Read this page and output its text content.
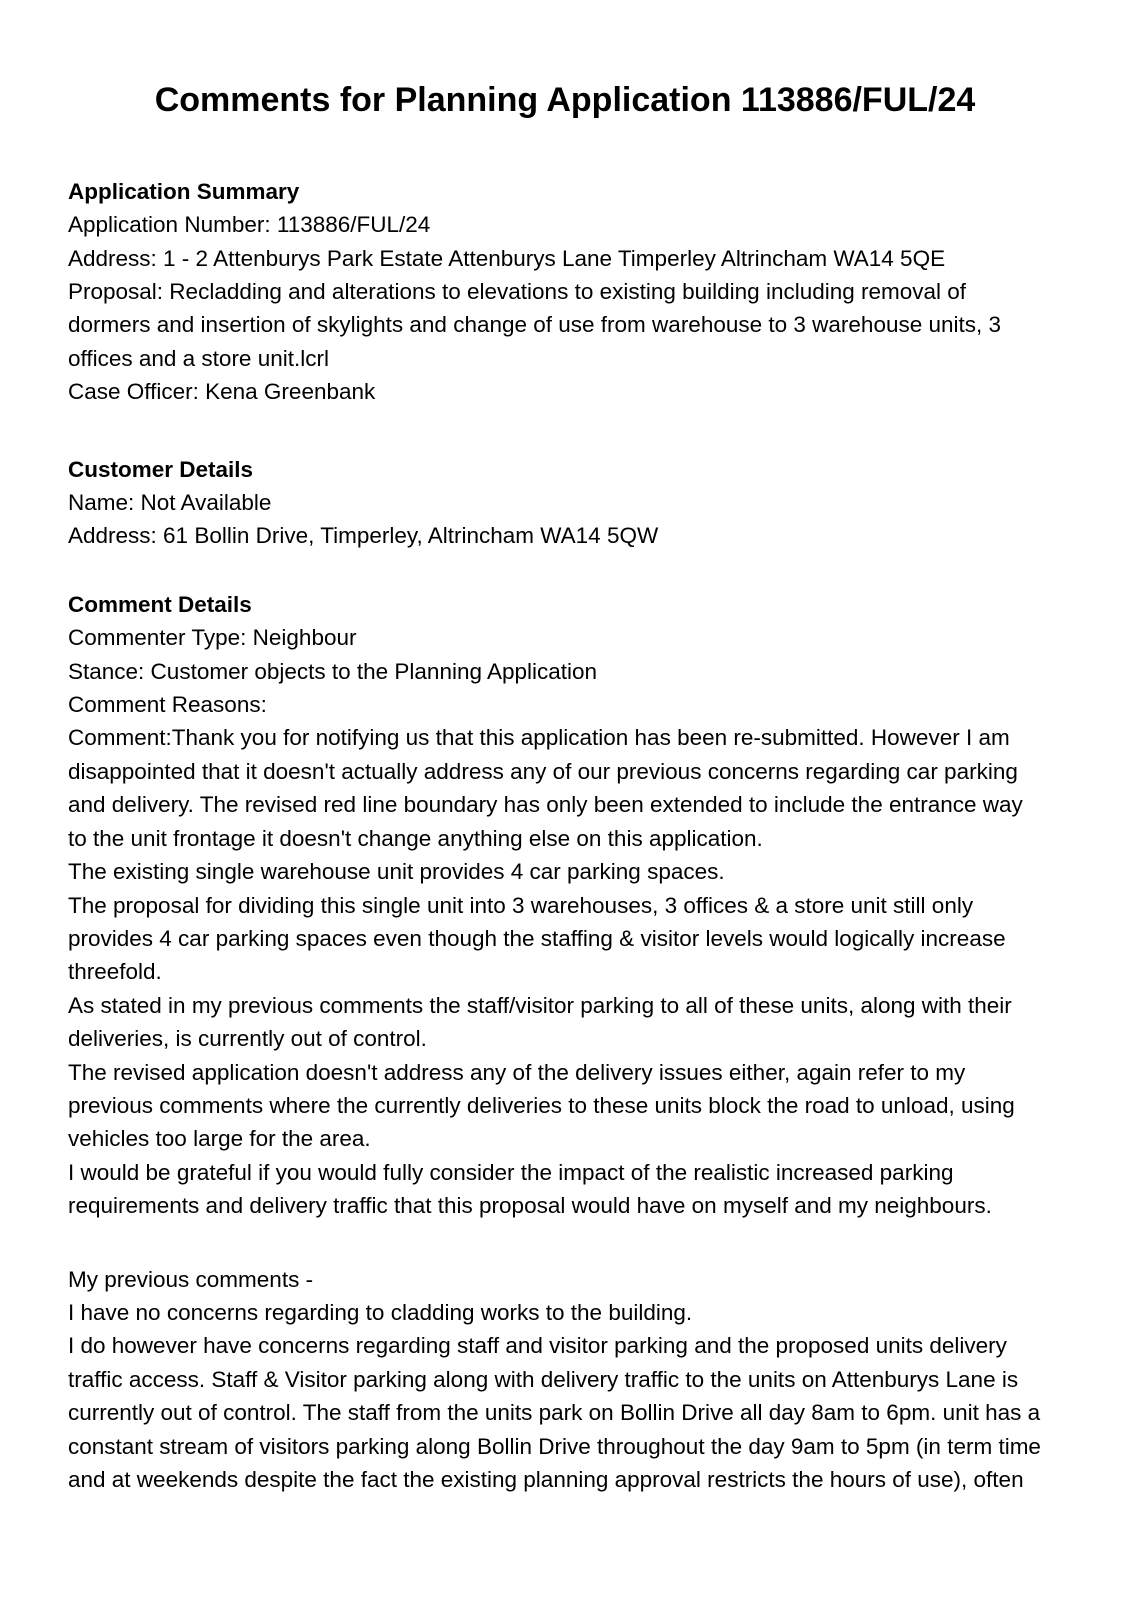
Comments for Planning Application 113886/FUL/24
Application Summary
Application Number: 113886/FUL/24
Address: 1 - 2 Attenburys Park Estate Attenburys Lane Timperley Altrincham WA14 5QE
Proposal: Recladding and alterations to elevations to existing building including removal of
dormers and insertion of skylights and change of use from warehouse to 3 warehouse units, 3
offices and a store unit.lcrl
Case Officer: Kena Greenbank
Customer Details
Name: Not Available
Address: 61 Bollin Drive, Timperley, Altrincham WA14 5QW
Comment Details
Commenter Type: Neighbour
Stance: Customer objects to the Planning Application
Comment Reasons:
Comment:Thank you for notifying us that this application has been re-submitted. However I am
disappointed that it doesn't actually address any of our previous concerns regarding car parking
and delivery. The revised red line boundary has only been extended to include the entrance way
to the unit frontage it doesn't change anything else on this application.
The existing single warehouse unit provides 4 car parking spaces.
The proposal for dividing this single unit into 3 warehouses, 3 offices & a store unit still only
provides 4 car parking spaces even though the staffing & visitor levels would logically increase
threefold.
As stated in my previous comments the staff/visitor parking to all of these units, along with their
deliveries, is currently out of control.
The revised application doesn't address any of the delivery issues either, again refer to my
previous comments where the currently deliveries to these units block the road to unload, using
vehicles too large for the area.
I would be grateful if you would fully consider the impact of the realistic increased parking
requirements and delivery traffic that this proposal would have on myself and my neighbours.
My previous comments -
I have no concerns regarding to cladding works to the building.
I do however have concerns regarding staff and visitor parking and the proposed units delivery
traffic access. Staff & Visitor parking along with delivery traffic to the units on Attenburys Lane is
currently out of control. The staff from the units park on Bollin Drive all day 8am to 6pm. unit has a
constant stream of visitors parking along Bollin Drive throughout the day 9am to 5pm (in term time
and at weekends despite the fact the existing planning approval restricts the hours of use), often
